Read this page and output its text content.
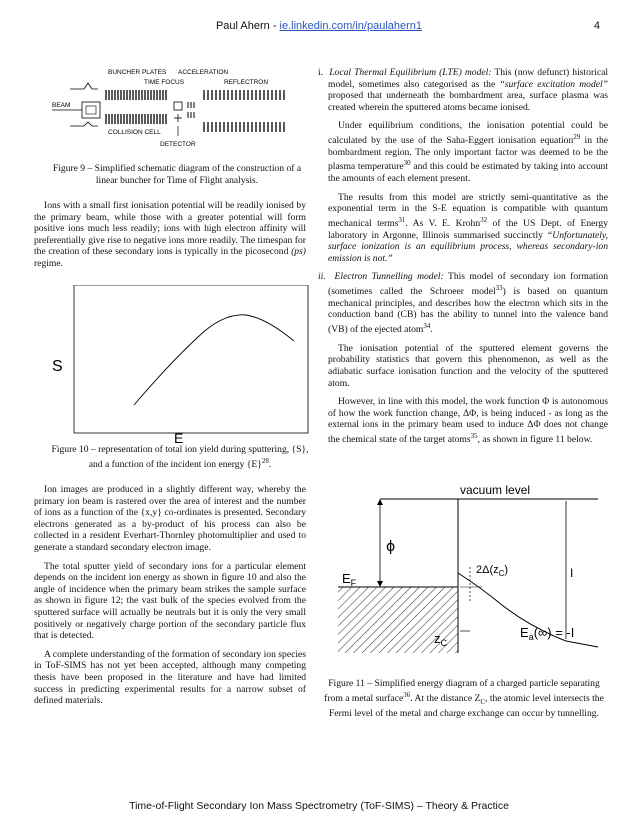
Paul Ahern - ie.linkedin.com/in/paulahern1	4
BUNCHER PLATES ACCELERATION
TIME FOCUS	REFLECTRON
BEAM
COLLISION CELL
DETECTOR
Figure 9 – Simplified schematic diagram of the construction of a linear buncher for Time of Flight analysis.

Ions with a small first ionisation potential will be readily ionised by the primary beam, while those with a greater potential will form positive ions much less readily; ions with high electron affinity will preferentially give rise to negative ions more readily. The timespan for the creation of these secondary ions is typically in the picosecond (ps) regime.

S
E
Figure 10 – representation of total ion yield during sputtering, {S}, and a function of the incident ion energy $\{E\}^{28}$.

Ion images are produced in a slightly different way, whereby the primary ion beam is rastered over the area of interest and the number of ions as a function of the {x,y} co-ordinates is presented. Secondary electrons generated as a by-product of his process can also be collected in a resident Everhart-Thornley photomultiplier and used to generate a standard secondary electron image.

The total sputter yield of secondary ions for a particular element depends on the incident ion energy as shown in figure 10 and also the angle of incidence when the primary beam strikes the sample surface as shown in figure 12; the vast bulk of the species evolved from the sputtered surface will actually be neutrals but it is only the very small positively or negatively charge portion of the secondary particle flux that is detected.

A complete understanding of the formation of secondary ion species in ToF-SIMS has not yet been accepted, although many competing thesis have been proposed in the literature and have had limited success in predicting experimental results for a narrow subset of defined materials.

i. Local Thermal Equilibrium (LTE) model: This (now defunct) historical model, sometimes also categorised as the “surface excitation model” proposed that underneath the bombardment area, surface plasma was created wherein the sputtered atoms became ionised.

Under equilibrium conditions, the ionisation potential could be calculated by the use of the Saha-Eggert ionisation equation$^{29}$ in the bombardment region. The only important factor was deemed to be the plasma temperature$^{30}$ and this could be estimated by taking into account the amounts of each element present.

The results from this model are strictly semi-quantitative as the exponential term in the S-E equation is compatible with quantum mechanical terms$^{31}$. As V. E. Krohn$^{32}$ of the US Dept. of Energy laboratory in Argonne, Illinois summarised succinctly “Unfortunately, surface ionization is an equilibrium process, whereas secondary-ion emission is not.”

ii. Electron Tunnelling model: This model of secondary ion formation (sometimes called the Schroeer model$^{33}$) is based on quantum mechanical principles, and describes how the electron which sits in the conduction band (CB) has the ability to tunnel into the valence band (VB) of the ejected atom$^{34}$.

The ionisation potential of the sputtered element governs the probability statistics that govern this phenomenon, as well as the adiabatic surface ionisation function and the velocity of the sputtered atom.

However, in line with this model, the work function Φ is autonomous of how the work function change, ΔΦ, is being induced - as long as the external ions in the primary beam used to induce ΔΦ does not change the chemical state of the target atoms$^{35}$, as shown in figure 11 below.

vacuum level
ϕ
$E_F$
$2\Delta(z_C)$	I
$z_C$
$E_a(\infty) = -I$
Figure 11 – Simplified energy diagram of a charged particle separating from a metal surface$^{36}$. At the distance $Z_C$, the atomic level intersects the Fermi level of the metal and charge exchange can occur by tunnelling.
Time-of-Flight Secondary Ion Mass Spectrometry (ToF-SIMS) – Theory & Practice
